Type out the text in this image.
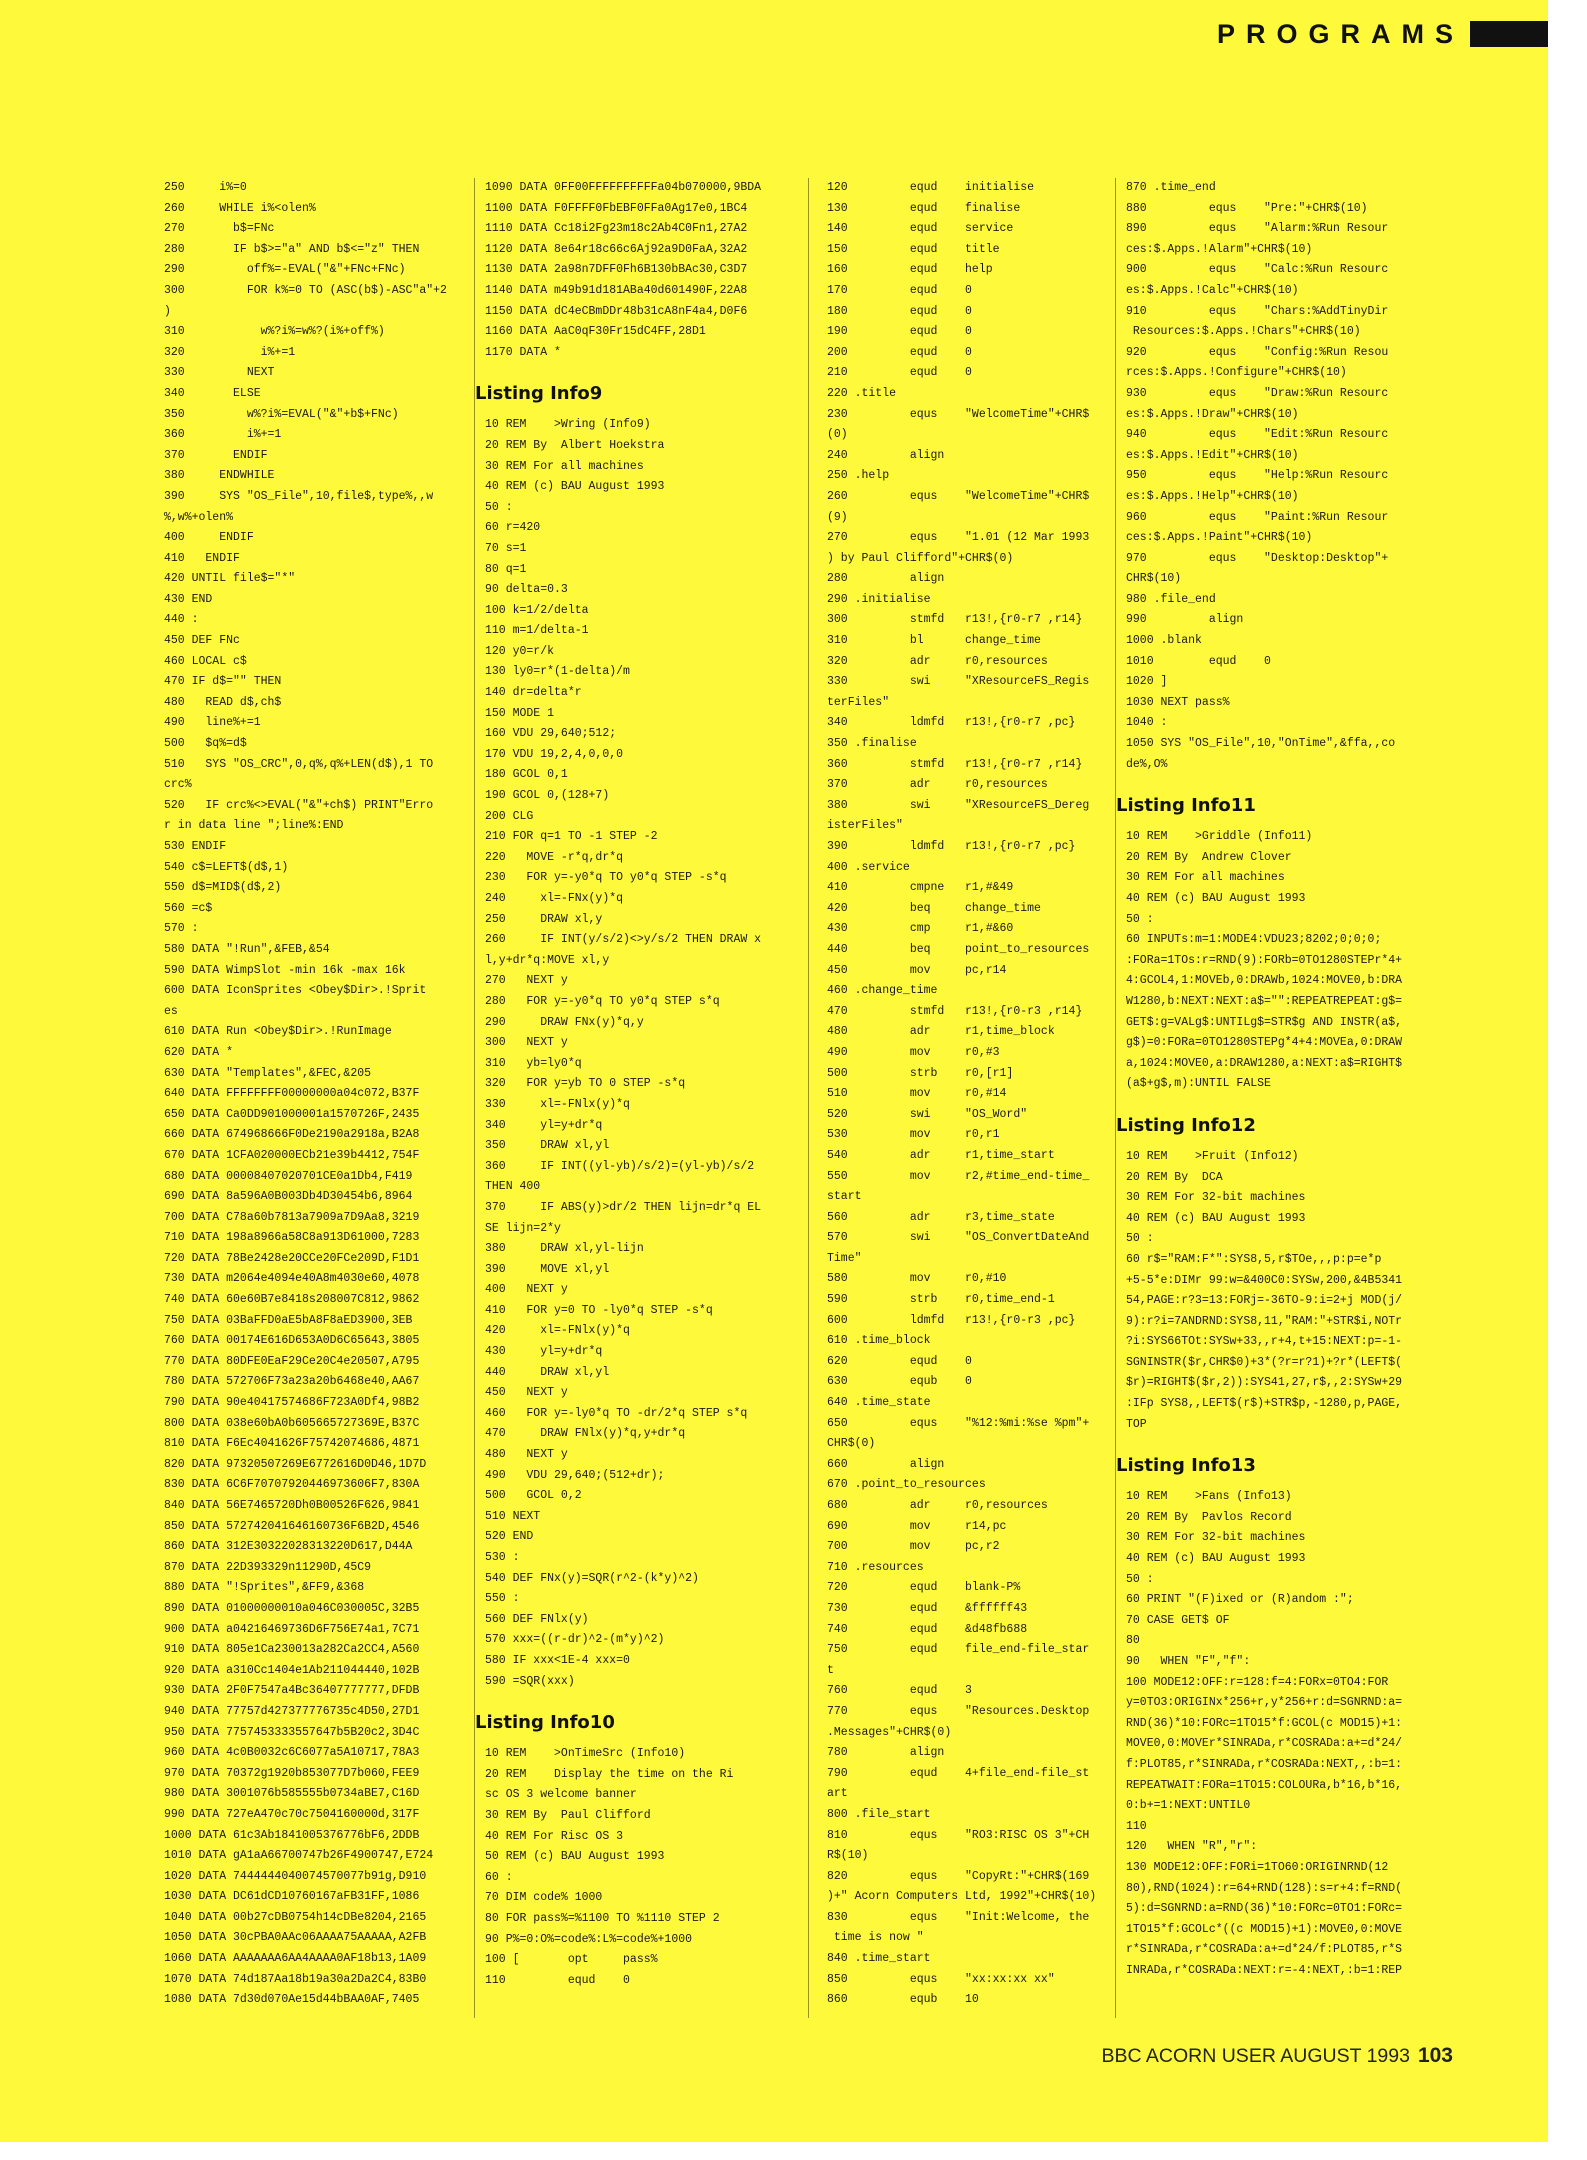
PROGRAMS
250     i%=0
260     WHILE i%<olen%
270       b$=FNc
280       IF b$>="a" AND b$<="z" THEN
290         off%=-EVAL("&"+FNc+FNc)
300         FOR k%=0 TO (ASC(b$)-ASC"a"+2
)
310           w%?i%=w%?(i%+off%)
320           i%+=1
330         NEXT
340       ELSE
350         w%?i%=EVAL("&"+b$+FNc)
360         i%+=1
370       ENDIF
380     ENDWHILE
390     SYS "OS_File",10,file$,type%,,w
%,w%+olen%
400     ENDIF
410   ENDIF
420 UNTIL file$="*"
430 END
440 :
450 DEF FNc
460 LOCAL c$
470 IF d$="" THEN
480   READ d$,ch$
490   line%+=1
500   $q%=d$
510   SYS "OS_CRC",0,q%,q%+LEN(d$),1 TO
crc%
520   IF crc%<>EVAL("&"+ch$) PRINT"Erro
r in data line ";line%:END
530 ENDIF
540 c$=LEFT$(d$,1)
550 d$=MID$(d$,2)
560 =c$
570 :
580 DATA "!Run",&FEB,&54
590 DATA WimpSlot -min 16k -max 16k
600 DATA IconSprites <Obey$Dir>.!Sprit
es
610 DATA Run <Obey$Dir>.!RunImage
620 DATA *
630 DATA "Templates",&FEC,&205
640 DATA FFFFFFFF00000000a04c072,B37F
650 DATA Ca0DD901000001a1570726F,2435
660 DATA 674968666F0De2190a2918a,B2A8
670 DATA 1CFA020000ECb21e39b4412,754F
680 DATA 00008407020701CE0a1Db4,F419
690 DATA 8a596A0B003Db4D30454b6,8964
700 DATA C78a60b7813a7909a7D9Aa8,3219
710 DATA 198a8966a58C8a913D61000,7283
720 DATA 78Be2428e20CCe20FCe209D,F1D1
730 DATA m2064e4094e40A8m4030e60,4078
740 DATA 60e60B7e8418s208007C812,9862
750 DATA 03BaFFD0aE5bA8F8aED3900,3EB
760 DATA 00174E616D653A0D6C65643,3805
770 DATA 80DFE0EaF29Ce20C4e20507,A795
780 DATA 572706F73a23a20b6468e40,AA67
790 DATA 90e40417574686F723A0Df4,98B2
800 DATA 038e60bA0b605665727369E,B37C
810 DATA F6Ec4041626F75742074686,4871
820 DATA 97320507269E6772616D0D46,1D7D
830 DATA 6C6F70707920446973606F7,830A
840 DATA 56E7465720Dh0B00526F626,9841
850 DATA 572742041646160736F6B2D,4546
860 DATA 312E30322028313220D617,D44A
870 DATA 22D393329n11290D,45C9
880 DATA "!Sprites",&FF9,&368
890 DATA 01000000010a046C030005C,32B5
900 DATA a04216469736D6F756E74a1,7C71
910 DATA 805e1Ca230013a282Ca2CC4,A560
920 DATA a310Cc1404e1Ab211044440,102B
930 DATA 2F0F7547a4Bc36407777777,DFDB
940 DATA 77757d427377776735c4D50,27D1
950 DATA 7757453333557647b5B20c2,3D4C
960 DATA 4c0B0032c6C6077a5A10717,78A3
970 DATA 70372g1920b853077D7b060,FEE9
980 DATA 3001076b585555b0734aBE7,C16D
990 DATA 727eA470c70c7504160000d,317F
1000 DATA 61c3Ab1841005376776bF6,2DDB
1010 DATA gA1aA66700747b26F4900747,E724
1020 DATA 7444444040074570077b91g,D910
1030 DATA DC61dCD10760167aFB31FF,1086
1040 DATA 00b27cDB0754h14cDBe8204,2165
1050 DATA 30cPBA0AAc06AAAA75AAAAA,A2FB
1060 DATA AAAAAAA6AA4AAAA0AF18b13,1A09
1070 DATA 74d187Aa18b19a30a2Da2C4,83B0
1080 DATA 7d30d070Ae15d44bBAA0AF,7405
1090 DATA 0FF00FFFFFFFFFFa04b070000,9BDA
1100 DATA F0FFFF0FbEBF0FFa0Ag17e0,1BC4
1110 DATA Cc18i2Fg23m18c2Ab4C0Fn1,27A2
1120 DATA 8e64r18c66c6Aj92a9D0FaA,32A2
1130 DATA 2a98n7DFF0Fh6B130bBAc30,C3D7
1140 DATA m49b91d181ABa40d601490F,22A8
1150 DATA dC4eCBmDDr48b31cA8nF4a4,D0F6
1160 DATA AaC0qF30Fr15dC4FF,28D1
1170 DATA *
Listing Info9
10 REM    >Wring (Info9)
20 REM By  Albert Hoekstra
30 REM For all machines
40 REM (c) BAU August 1993
50 :
60 r=420
70 s=1
80 q=1
90 delta=0.3
100 k=1/2/delta
110 m=1/delta-1
120 y0=r/k
130 ly0=r*(1-delta)/m
140 dr=delta*r
150 MODE 1
160 VDU 29,640;512;
170 VDU 19,2,4,0,0,0
180 GCOL 0,1
190 GCOL 0,(128+7)
200 CLG
210 FOR q=1 TO -1 STEP -2
220   MOVE -r*q,dr*q
230   FOR y=-y0*q TO y0*q STEP -s*q
240     xl=-FNx(y)*q
250     DRAW xl,y
260     IF INT(y/s/2)<>y/s/2 THEN DRAW x
l,y+dr*q:MOVE xl,y
270   NEXT y
280   FOR y=-y0*q TO y0*q STEP s*q
290     DRAW FNx(y)*q,y
300   NEXT y
310   yb=ly0*q
320   FOR y=yb TO 0 STEP -s*q
330     xl=-FNlx(y)*q
340     yl=y+dr*q
350     DRAW xl,yl
360     IF INT((yl-yb)/s/2)=(yl-yb)/s/2
THEN 400
370     IF ABS(y)>dr/2 THEN lijn=dr*q EL
SE lijn=2*y
380     DRAW xl,yl-lijn
390     MOVE xl,yl
400   NEXT y
410   FOR y=0 TO -ly0*q STEP -s*q
420     xl=-FNlx(y)*q
430     yl=y+dr*q
440     DRAW xl,yl
450   NEXT y
460   FOR y=-ly0*q TO -dr/2*q STEP s*q
470     DRAW FNlx(y)*q,y+dr*q
480   NEXT y
490   VDU 29,640;(512+dr);
500   GCOL 0,2
510 NEXT
520 END
530 :
540 DEF FNx(y)=SQR(r^2-(k*y)^2)
550 :
560 DEF FNlx(y)
570 xxx=((r-dr)^2-(m*y)^2)
580 IF xxx<1E-4 xxx=0
590 =SQR(xxx)
Listing Info10
10 REM    >OnTimeSrc (Info10)
20 REM    Display the time on the Ri
sc OS 3 welcome banner
30 REM By  Paul Clifford
40 REM For Risc OS 3
50 REM (c) BAU August 1993
60 :
70 DIM code% 1000
80 FOR pass%=%1100 TO %1110 STEP 2
90 P%=0:O%=code%:L%=code%+1000
100 [       opt     pass%
110         equd    0
120         equd    initialise
130         equd    finalise
140         equd    service
150         equd    title
160         equd    help
170         equd    0
180         equd    0
190         equd    0
200         equd    0
210         equd    0
220 .title
230         equs    "WelcomeTime"+CHR$
(0)
240         align
250 .help
260         equs    "WelcomeTime"+CHR$
(9)
270         equs    "1.01 (12 Mar 1993
) by Paul Clifford"+CHR$(0)
280         align
290 .initialise
300         stmfd   r13!,{r0-r7 ,r14}
310         bl      change_time
320         adr     r0,resources
330         swi     "XResourceFS_Regis
terFiles"
340         ldmfd   r13!,{r0-r7 ,pc}
350 .finalise
360         stmfd   r13!,{r0-r7 ,r14}
370         adr     r0,resources
380         swi     "XResourceFS_Dereg
isterFiles"
390         ldmfd   r13!,{r0-r7 ,pc}
400 .service
410         cmpne   r1,#&49
420         beq     change_time
430         cmp     r1,#&60
440         beq     point_to_resources
450         mov     pc,r14
460 .change_time
470         stmfd   r13!,{r0-r3 ,r14}
480         adr     r1,time_block
490         mov     r0,#3
500         strb    r0,[r1]
510         mov     r0,#14
520         swi     "OS_Word"
530         mov     r0,r1
540         adr     r1,time_start
550         mov     r2,#time_end-time_
start
560         adr     r3,time_state
570         swi     "OS_ConvertDateAnd
Time"
580         mov     r0,#10
590         strb    r0,time_end-1
600         ldmfd   r13!,{r0-r3 ,pc}
610 .time_block
620         equd    0
630         equb    0
640 .time_state
650         equs    "%12:%mi:%se %pm"+
CHR$(0)
660         align
670 .point_to_resources
680         adr     r0,resources
690         mov     r14,pc
700         mov     pc,r2
710 .resources
720         equd    blank-P%
730         equd    &ffffff43
740         equd    &d48fb688
750         equd    file_end-file_star
t
760         equd    3
770         equs    "Resources.Desktop
.Messages"+CHR$(0)
780         align
790         equd    4+file_end-file_st
art
800 .file_start
810         equs    "RO3:RISC OS 3"+CH
R$(10)
820         equs    "CopyRt:"+CHR$(169
)+" Acorn Computers Ltd, 1992"+CHR$(10)
830         equs    "Init:Welcome, the
time is now "
840 .time_start
850         equs    "xx:xx:xx xx"
860         equb    10
870 .time_end
880         equs    "Pre:"+CHR$(10)
890         equs    "Alarm:%Run Resour
ces:$.Apps.!Alarm"+CHR$(10)
900         equs    "Calc:%Run Resourc
es:$.Apps.!Calc"+CHR$(10)
910         equs    "Chars:%AddTinyDir
Resources:$.Apps.!Chars"+CHR$(10)
920         equs    "Config:%Run Resou
rces:$.Apps.!Configure"+CHR$(10)
930         equs    "Draw:%Run Resourc
es:$.Apps.!Draw"+CHR$(10)
940         equs    "Edit:%Run Resourc
es:$.Apps.!Edit"+CHR$(10)
950         equs    "Help:%Run Resourc
es:$.Apps.!Help"+CHR$(10)
960         equs    "Paint:%Run Resour
ces:$.Apps.!Paint"+CHR$(10)
970         equs    "Desktop:Desktop"+
CHR$(10)
980 .file_end
990         align
1000 .blank
1010        equd    0
1020 ]
1030 NEXT pass%
1040 :
1050 SYS "OS_File",10,"OnTime",&ffa,,co
de%,O%
Listing Info11
10 REM    >Griddle (Info11)
20 REM By  Andrew Clover
30 REM For all machines
40 REM (c) BAU August 1993
50 :
60 INPUTs:m=1:MODE4:VDU23;8202;0;0;0;
:FORa=1TOs:r=RND(9):FORb=0TO1280STEPr*4+
4:GCOL4,1:MOVEb,0:DRAWb,1024:MOVE0,b:DRA
W1280,b:NEXT:NEXT:a$="":REPEATREPEAT:g$=
GET$:g=VALg$:UNTILg$=STR$g AND INSTR(a$,
g$)=0:FORa=0TO1280STEPg*4+4:MOVEa,0:DRAW
a,1024:MOVE0,a:DRAW1280,a:NEXT:a$=RIGHT$
(a$+g$,m):UNTIL FALSE
Listing Info12
10 REM    >Fruit (Info12)
20 REM By  DCA
30 REM For 32-bit machines
40 REM (c) BAU August 1993
50 :
60 r$="RAM:F*":SYS8,5,r$TOe,,,p:p=e*p
+5-5*e:DIMr 99:w=&400C0:SYSw,200,&4B5341
54,PAGE:r?3=13:FORj=-36TO-9:i=2+j MOD(j/
9):r?i=7ANDRND:SYS8,11,"RAM:"+STR$i,NOTr
?i:SYS66TOt:SYSw+33,,r+4,t+15:NEXT:p=-1-
SGNINSTR($r,CHR$0)+3*(?r=r?1)+?r*(LEFT$(
$r)=RIGHT$($r,2)):SYS41,27,r$,,2:SYSw+29
:IFp SYS8,,LEFT$(r$)+STR$p,-1280,p,PAGE,
TOP
Listing Info13
10 REM    >Fans (Info13)
20 REM By  Pavlos Record
30 REM For 32-bit machines
40 REM (c) BAU August 1993
50 :
60 PRINT "(F)ixed or (R)andom :";
70 CASE GET$ OF
80
90   WHEN "F","f":
100 MODE12:OFF:r=128:f=4:FORx=0TO4:FOR
y=0TO3:ORIGINx*256+r,y*256+r:d=SGNRND:a=
RND(36)*10:FORc=1TO15*f:GCOL(c MOD15)+1:
MOVE0,0:MOVEr*SINRADa,r*COSRADa:a+=d*24/
f:PLOT85,r*SINRADa,r*COSRADa:NEXT,,:b=1:
REPEATWAIT:FORa=1TO15:COLOURa,b*16,b*16,
0:b+=1:NEXT:UNTIL0
110
120   WHEN "R","r":
130 MODE12:OFF:FORi=1TO60:ORIGINRND(12
80),RND(1024):r=64+RND(128):s=r+4:f=RND(
5):d=SGNRND:a=RND(36)*10:FORc=0TO1:FORc=
1TO15*f:GCOLc*((c MOD15)+1):MOVE0,0:MOVE
r*SINRADa,r*COSRADa:a+=d*24/f:PLOT85,r*S
INRADa,r*COSRADa:NEXT:r=-4:NEXT,:b=1:REP
BBC ACORN USER AUGUST 1993 103
